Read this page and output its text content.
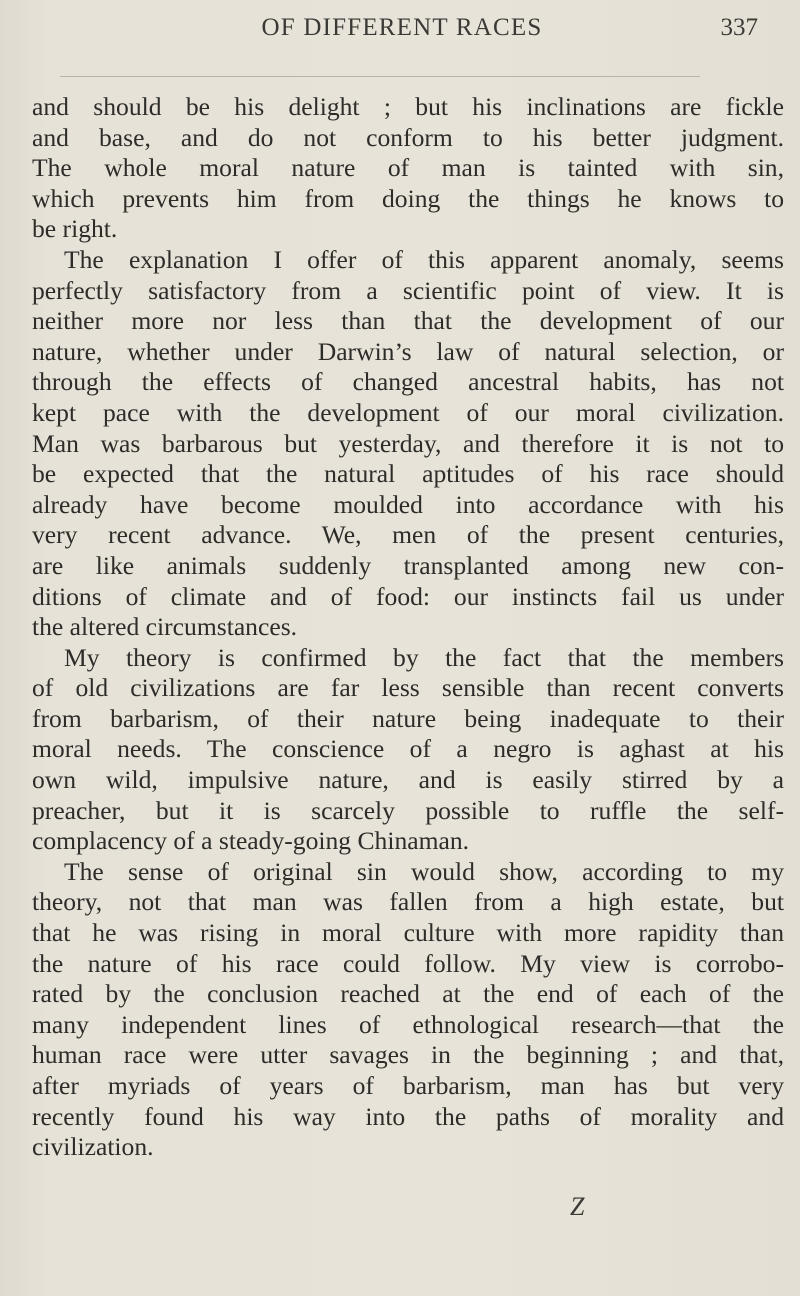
OF DIFFERENT RACES	337
and should be his delight ; but his inclinations are fickle
and base, and do not conform to his better judgment.
The whole moral nature of man is tainted with sin,
which prevents him from doing the things he knows to
be right.
The explanation I offer of this apparent anomaly, seems
perfectly satisfactory from a scientific point of view. It is
neither more nor less than that the development of our
nature, whether under Darwin’s law of natural selection, or
through the effects of changed ancestral habits, has not
kept pace with the development of our moral civilization.
Man was barbarous but yesterday, and therefore it is not to
be expected that the natural aptitudes of his race should
already have become moulded into accordance with his
very recent advance. We, men of the present centuries,
are like animals suddenly transplanted among new con-
ditions of climate and of food: our instincts fail us under
the altered circumstances.
My theory is confirmed by the fact that the members
of old civilizations are far less sensible than recent converts
from barbarism, of their nature being inadequate to their
moral needs. The conscience of a negro is aghast at his
own wild, impulsive nature, and is easily stirred by a
preacher, but it is scarcely possible to ruffle the self-
complacency of a steady-going Chinaman.
The sense of original sin would show, according to my
theory, not that man was fallen from a high estate, but
that he was rising in moral culture with more rapidity than
the nature of his race could follow. My view is corrobo-
rated by the conclusion reached at the end of each of the
many independent lines of ethnological research—that the
human race were utter savages in the beginning ; and that,
after myriads of years of barbarism, man has but very
recently found his way into the paths of morality and
civilization.
Z
